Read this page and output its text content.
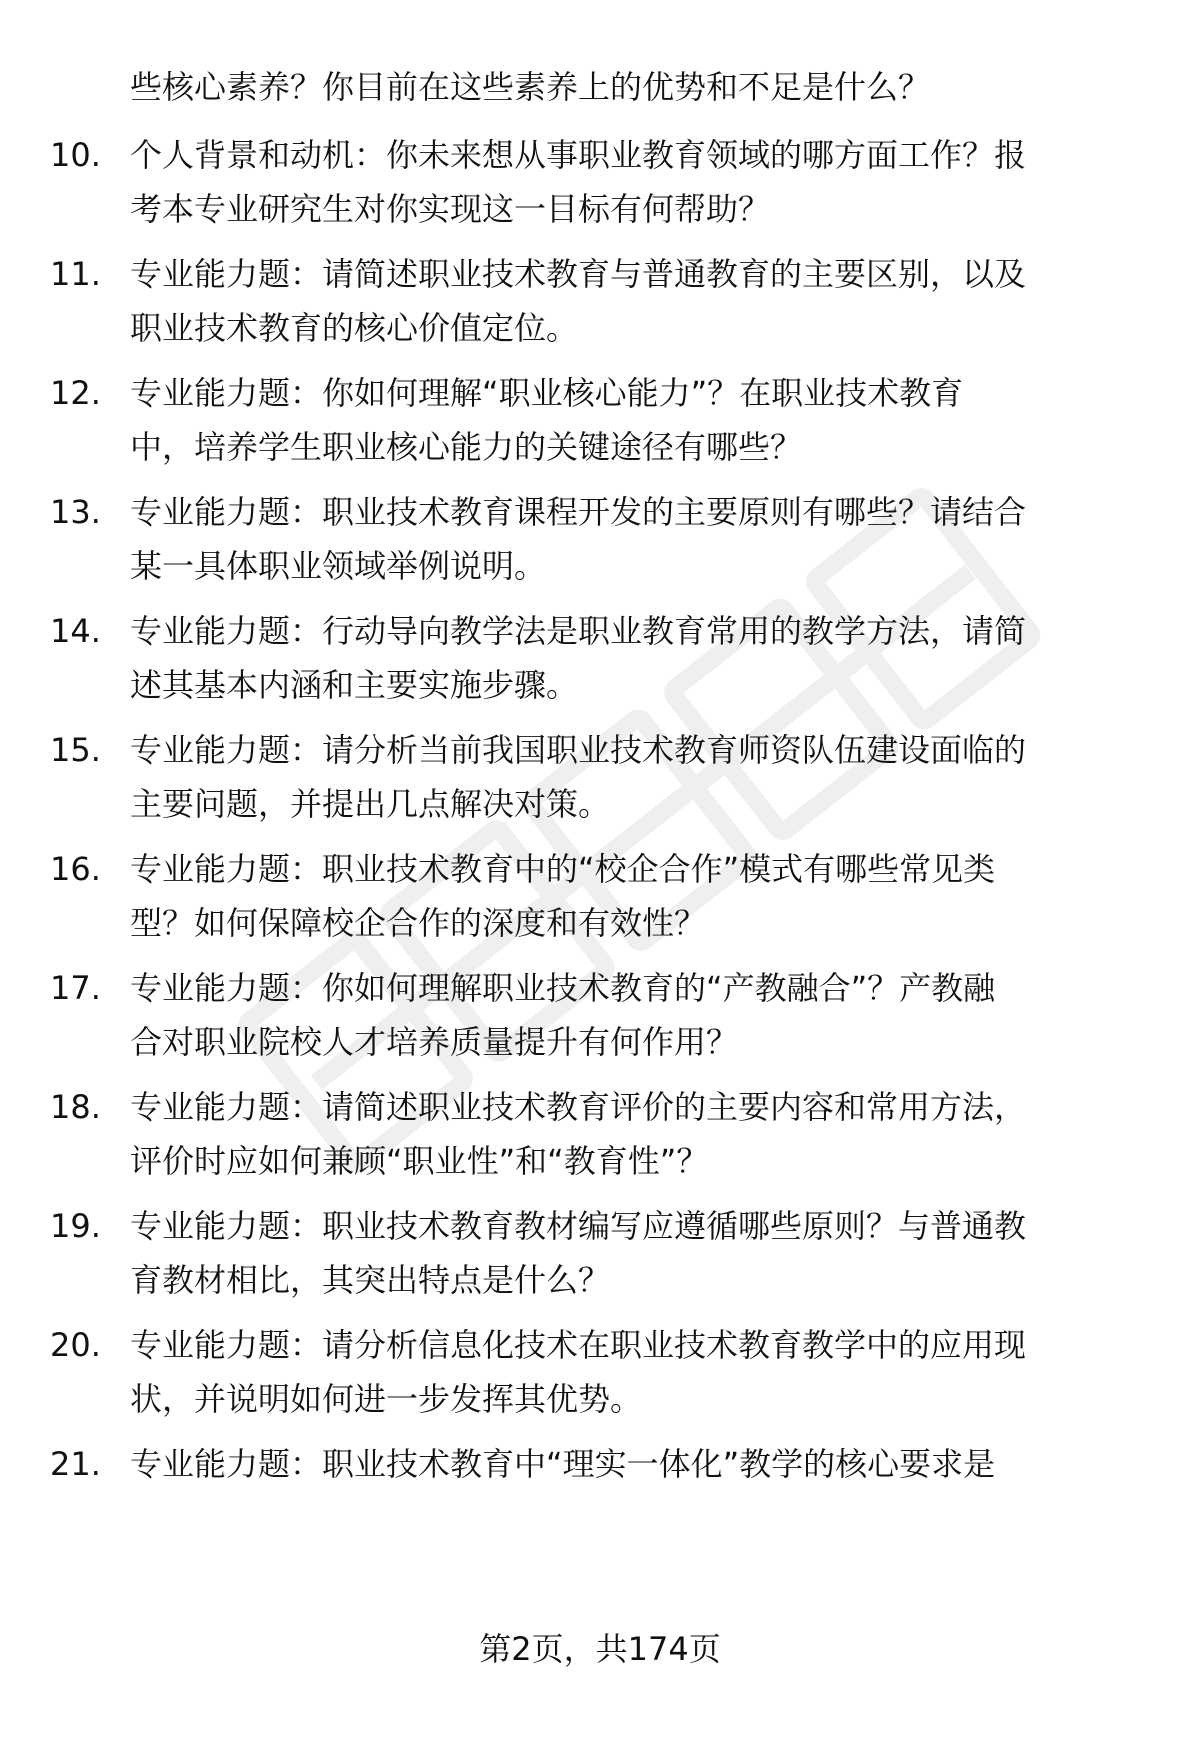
些核心素养？你目前在这些素养上的优势和不足是什么？
10. 个人背景和动机：你未来想从事职业教育领域的哪方面工作？报
考本专业研究生对你实现这一目标有何帮助？
11. 专业能力题：请简述职业技术教育与普通教育的主要区别，以及
职业技术教育的核心价值定位。
12. 专业能力题：你如何理解“职业核心能力”？在职业技术教育
中，培养学生职业核心能力的关键途径有哪些？
13. 专业能力题：职业技术教育课程开发的主要原则有哪些？请结合
某一具体职业领域举例说明。
14. 专业能力题：行动导向教学法是职业教育常用的教学方法，请简
述其基本内涵和主要实施步骤。
15. 专业能力题：请分析当前我国职业技术教育师资队伍建设面临的
主要问题，并提出几点解决对策。
16. 专业能力题：职业技术教育中的“校企合作”模式有哪些常见类
型？如何保障校企合作的深度和有效性？
17. 专业能力题：你如何理解职业技术教育的“产教融合”？产教融
合对职业院校人才培养质量提升有何作用？
18. 专业能力题：请简述职业技术教育评价的主要内容和常用方法，
评价时应如何兼顾“职业性”和“教育性”？
19. 专业能力题：职业技术教育教材编写应遵循哪些原则？与普通教
育教材相比，其突出特点是什么？
20. 专业能力题：请分析信息化技术在职业技术教育教学中的应用现
状，并说明如何进一步发挥其优势。
21. 专业能力题：职业技术教育中“理实一体化”教学的核心要求是
第2页，共174页
